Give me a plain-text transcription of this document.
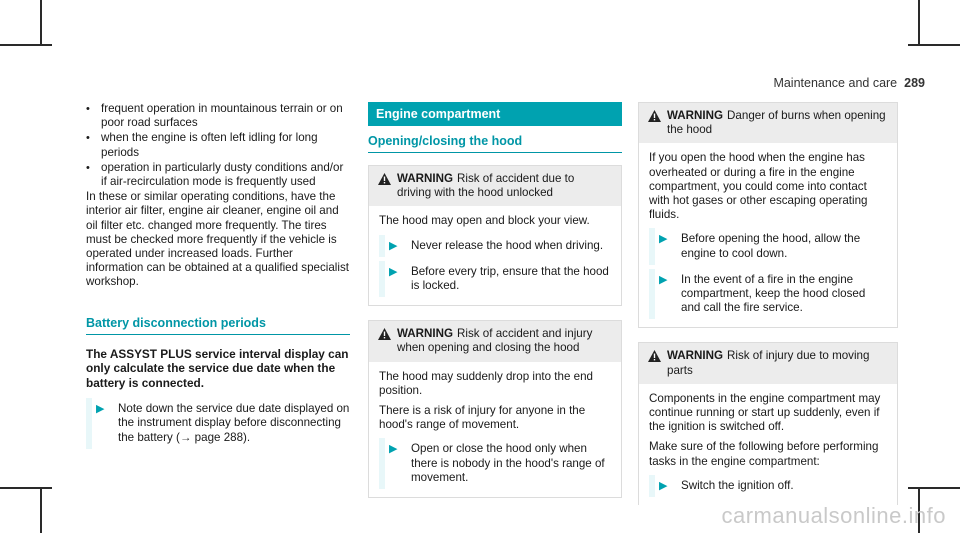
Maintenance and care 289
• frequent operation in mountainous terrain or on poor road surfaces
• when the engine is often left idling for long periods
• operation in particularly dusty conditions and/or if air-recirculation mode is frequently used
In these or similar operating conditions, have the interior air filter, engine air cleaner, engine oil and oil filter etc. changed more frequently. The tires must be checked more frequently if the vehicle is operated under increased loads. Further information can be obtained at a qualified specialist workshop.
Battery disconnection periods
The ASSYST PLUS service interval display can only calculate the service due date when the battery is connected.
▶ Note down the service due date displayed on the instrument display before disconnecting the battery (→ page 288).
Engine compartment
Opening/closing the hood
WARNING Risk of accident due to driving with the hood unlocked

The hood may open and block your view.

▶ Never release the hood when driving.
▶ Before every trip, ensure that the hood is locked.
WARNING Risk of accident and injury when opening and closing the hood

The hood may suddenly drop into the end position.

There is a risk of injury for anyone in the hood's range of movement.

▶ Open or close the hood only when there is nobody in the hood's range of movement.
WARNING Danger of burns when opening the hood

If you open the hood when the engine has overheated or during a fire in the engine compartment, you could come into contact with hot gases or other escaping operating fluids.

▶ Before opening the hood, allow the engine to cool down.
▶ In the event of a fire in the engine compartment, keep the hood closed and call the fire service.
WARNING Risk of injury due to moving parts

Components in the engine compartment may continue running or start up suddenly, even if the ignition is switched off.

Make sure of the following before performing tasks in the engine compartment:

▶ Switch the ignition off.
carmanualsonline.info
